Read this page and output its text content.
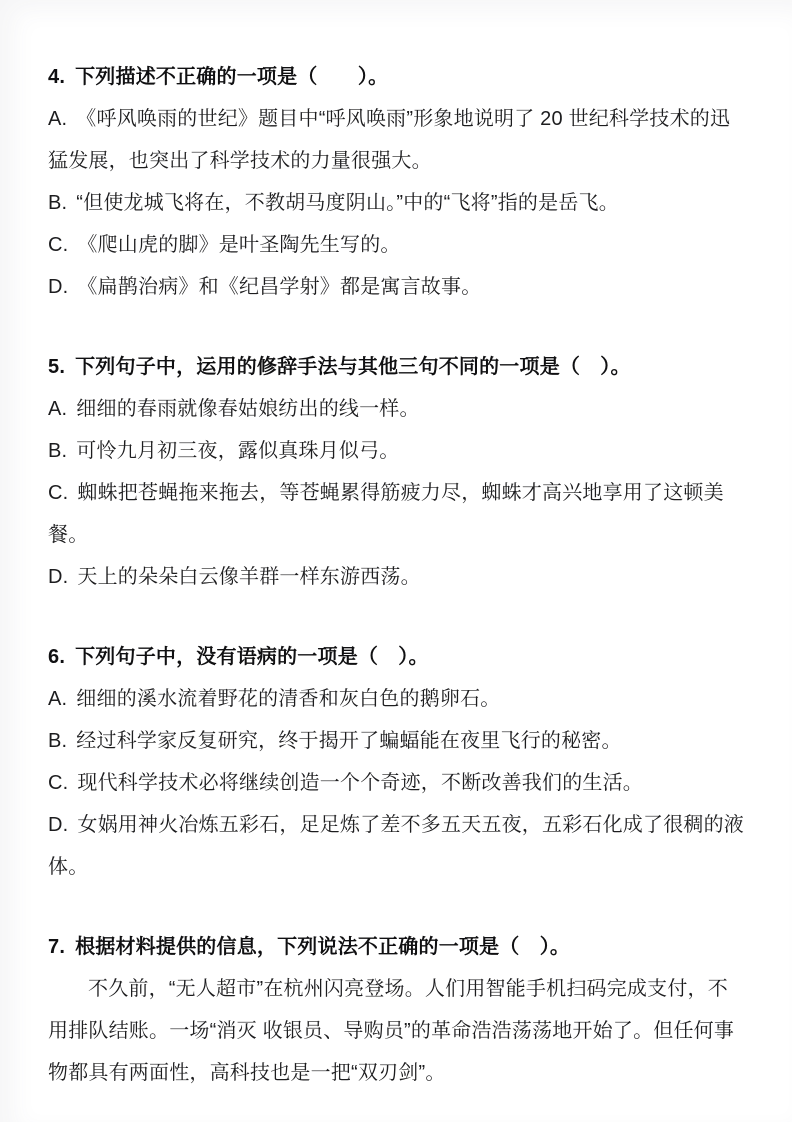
4. 下列描述不正确的一项是（　　）。

A. 《呼风唤雨的世纪》题目中“呼风唤雨”形象地说明了 20 世纪科学技术的迅猛发展，也突出了科学技术的力量很强大。

B. “但使龙城飞将在，不教胡马度阴山。”中的“飞将”指的是岳飞。

C. 《爬山虎的脚》是叶圣陶先生写的。

D. 《扁鹊治病》和《纪昌学射》都是寓言故事。

5. 下列句子中，运用的修辞手法与其他三句不同的一项是（　）。

A. 细细的春雨就像春姑娘纺出的线一样。

B. 可怜九月初三夜，露似真珠月似弓。

C. 蜘蛛把苍蝇拖来拖去，等苍蝇累得筋疲力尽，蜘蛛才高兴地享用了这顿美餐。

D. 天上的朵朵白云像羊群一样东游西荡。

6. 下列句子中，没有语病的一项是（　）。

A. 细细的溪水流着野花的清香和灰白色的鹅卵石。

B. 经过科学家反复研究，终于揭开了蝙蝠能在夜里飞行的秘密。

C. 现代科学技术必将继续创造一个个奇迹，不断改善我们的生活。

D. 女娲用神火冶炼五彩石，足足炼了差不多五天五夜，五彩石化成了很稠的液体。

7. 根据材料提供的信息，下列说法不正确的一项是（　）。

不久前，“无人超市”在杭州闪亮登场。人们用智能手机扫码完成支付，不用排队结账。一场“消灭 收银员、导购员”的革命浩浩荡荡地开始了。但任何事物都具有两面性，高科技也是一把“双刃剑”。
